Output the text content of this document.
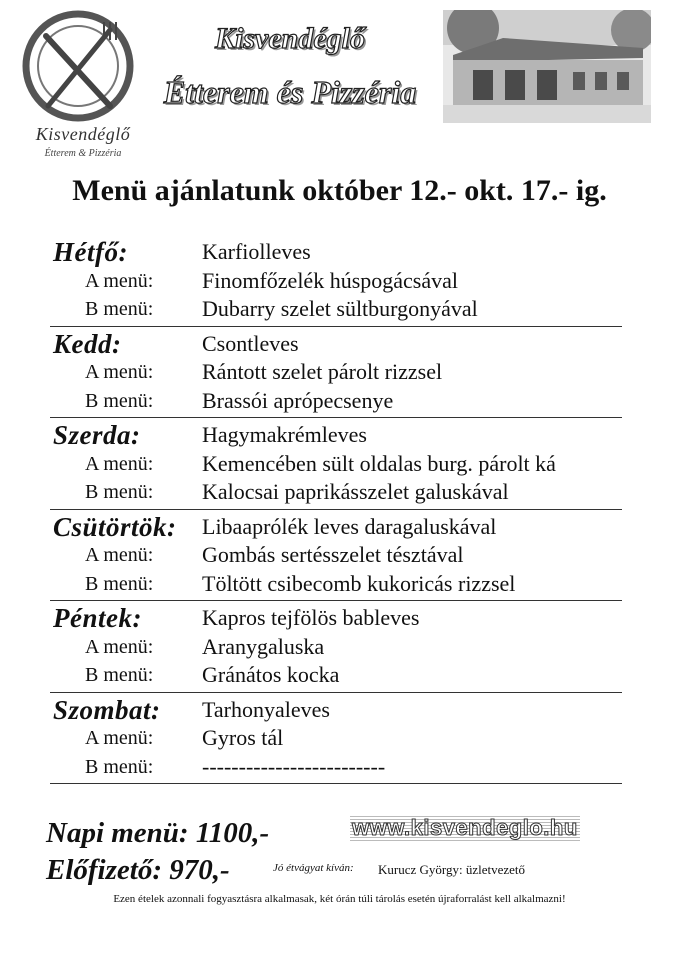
Kisvendéglő
Étterem & Pizzéria
Kisvendéglő
Étterem és Pizzéria
Menü ajánlatunk október 12.- okt. 17.- ig.
Hétfő:	Karfiolleves
A menü: Finomfőzelék húspogácsával
B menü: Dubarry szelet sültburgonyával
Kedd:	Csontleves
A menü: Rántott szelet párolt rizzsel
B menü: Brassói aprópecsenye
Szerda:	Hagymakrémleves
A menü: Kemencében sült oldalas burg. párolt ká
B menü: Kalocsai paprikásszelet galuskával
Csütörtök: Libaaprólék leves daragaluskával
A menü: Gombás sertésszelet tésztával
B menü: Töltött csibecomb kukoricás rizzsel
Péntek:	Kapros tejfölös bableves
A menü: Aranygaluska
B menü: Gránátos kocka
Szombat: Tarhonyaleves
A menü: Gyros tál
B menü: -------------------------
Napi menü: 1100,-
Előfizető: 970,-
www.kisvendeglo.hu
Jó étvágyat kíván: Kurucz György: üzletvezető
Ezen ételek azonnali fogyasztásra alkalmasak, két órán túli tárolás esetén újraforralást kell alkalmazni!
